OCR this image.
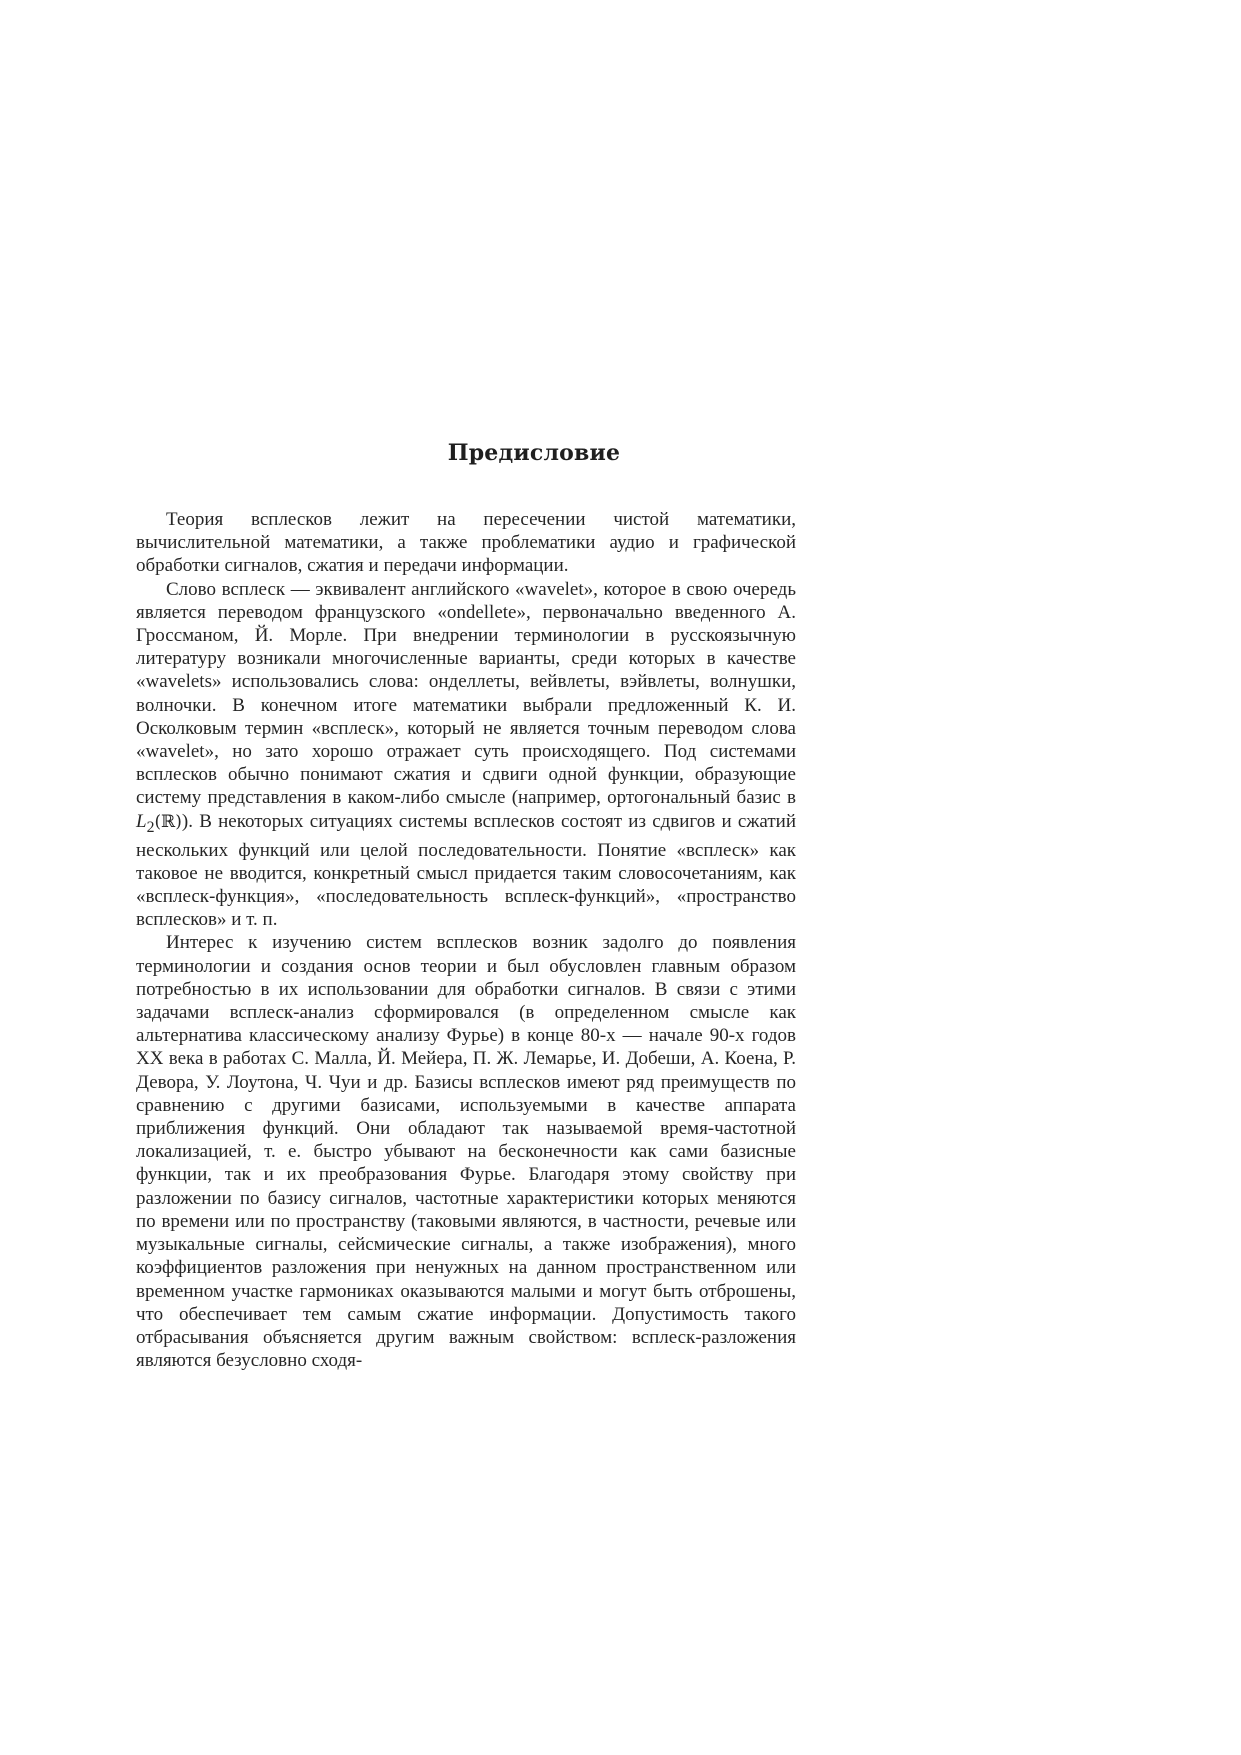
Предисловие

Теория всплесков лежит на пересечении чистой математики, вычислительной математики, а также проблематики аудио и графической обработки сигналов, сжатия и передачи информации.

Слово всплеск — эквивалент английского «wavelet», которое в свою очередь является переводом французского «ondellete», первоначально введенного А. Гроссманом, Й. Морле. При внедрении терминологии в русскоязычную литературу возникали многочисленные варианты, среди которых в качестве «wavelets» использовались слова: онделлеты, вейвлеты, вэйвлеты, волнушки, волночки. В конечном итоге математики выбрали предложенный К. И. Осколковым термин «всплеск», который не является точным переводом слова «wavelet», но зато хорошо отражает суть происходящего. Под системами всплесков обычно понимают сжатия и сдвиги одной функции, образующие систему представления в каком-либо смысле (например, ортогональный базис в $L_2(ℝ)$). В некоторых ситуациях системы всплесков состоят из сдвигов и сжатий нескольких функций или целой последовательности. Понятие «всплеск» как таковое не вводится, конкретный смысл придается таким словосочетаниям, как «всплеск-функция», «последовательность всплеск-функций», «пространство всплесков» и т. п.

Интерес к изучению систем всплесков возник задолго до появления терминологии и создания основ теории и был обусловлен главным образом потребностью в их использовании для обработки сигналов. В связи с этими задачами всплеск-анализ сформировался (в определенном смысле как альтернатива классическому анализу Фурье) в конце 80-х — начале 90-х годов XX века в работах С. Малла, Й. Мейера, П. Ж. Лемарье, И. Добеши, А. Коена, Р. Девора, У. Лоутона, Ч. Чуи и др. Базисы всплесков имеют ряд преимуществ по сравнению с другими базисами, используемыми в качестве аппарата приближения функций. Они обладают так называемой время-частотной локализацией, т. е. быстро убывают на бесконечности как сами базисные функции, так и их преобразования Фурье. Благодаря этому свойству при разложении по базису сигналов, частотные характеристики которых меняются по времени или по пространству (таковыми являются, в частности, речевые или музыкальные сигналы, сейсмические сигналы, а также изображения), много коэффициентов разложения при ненужных на данном пространственном или временном участке гармониках оказываются малыми и могут быть отброшены, что обеспечивает тем самым сжатие информации. Допустимость такого отбрасывания объясняется другим важным свойством: всплеск-разложения являются безусловно сходя-
